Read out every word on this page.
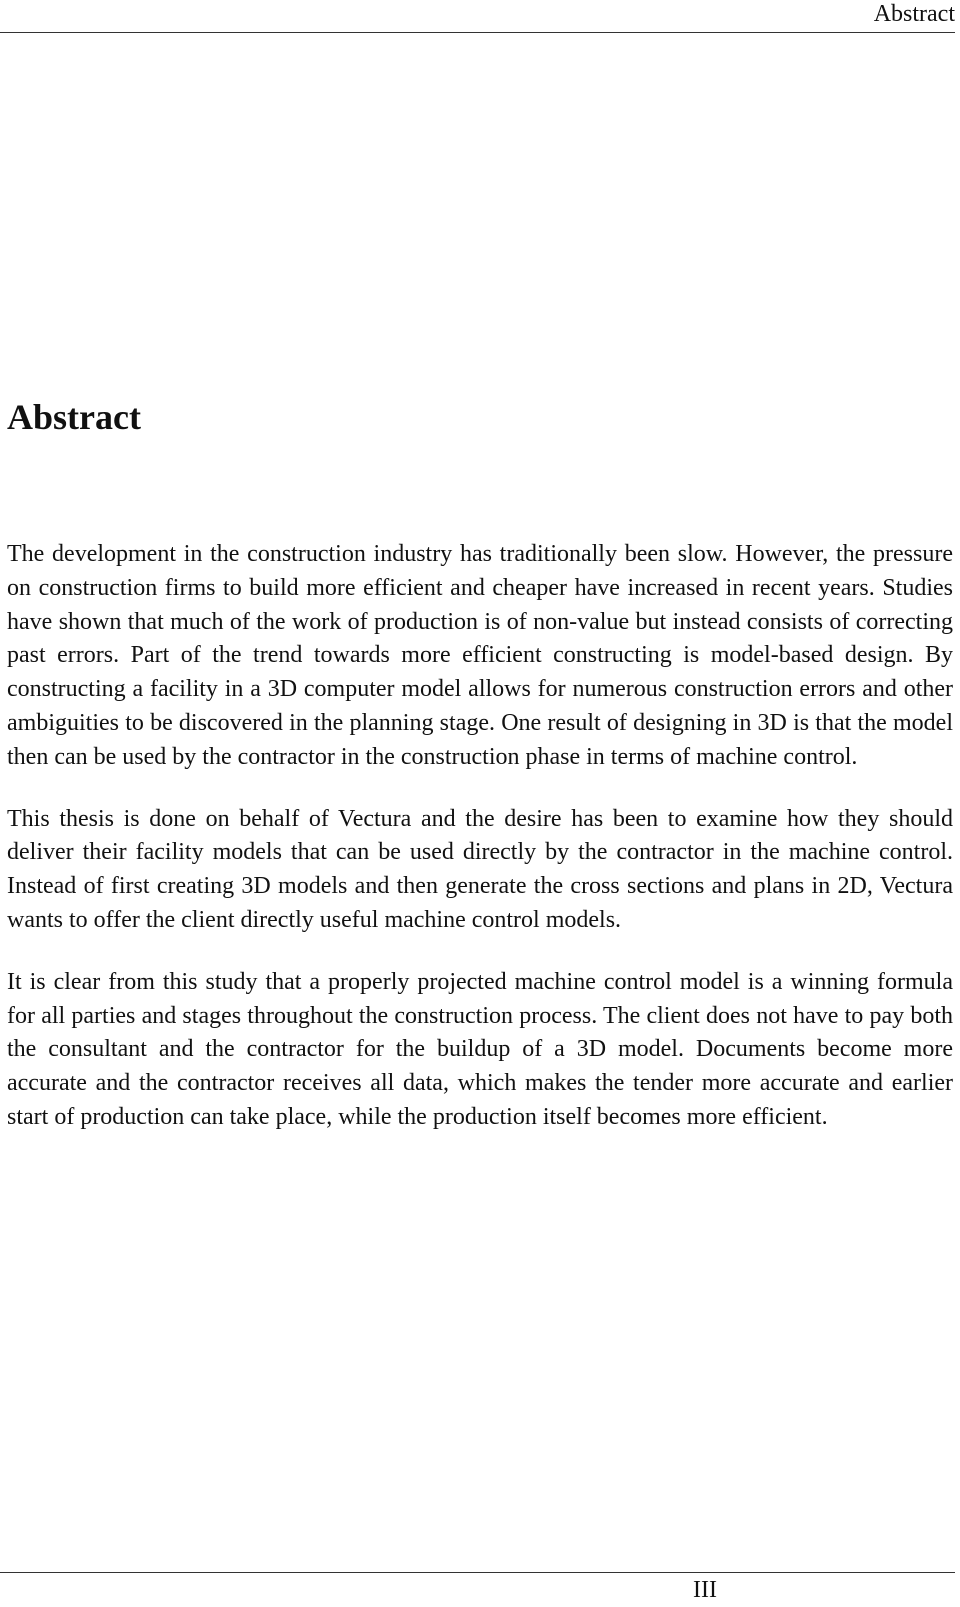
Abstract
Abstract

The development in the construction industry has traditionally been slow. However, the pressure on construction firms to build more efficient and cheaper have increased in recent years. Studies have shown that much of the work of production is of non-value but instead consists of correcting past errors. Part of the trend towards more efficient constructing is model-based design. By constructing a facility in a 3D computer model allows for numerous construction errors and other ambiguities to be discovered in the planning stage. One result of designing in 3D is that the model then can be used by the contractor in the construction phase in terms of machine control.

This thesis is done on behalf of Vectura and the desire has been to examine how they should deliver their facility models that can be used directly by the contractor in the machine control. Instead of first creating 3D models and then generate the cross sections and plans in 2D, Vectura wants to offer the client directly useful machine control models.

It is clear from this study that a properly projected machine control model is a winning formula for all parties and stages throughout the construction process. The client does not have to pay both the consultant and the contractor for the buildup of a 3D model. Documents become more accurate and the contractor receives all data, which makes the tender more accurate and earlier start of production can take place, while the production itself becomes more efficient.

III
